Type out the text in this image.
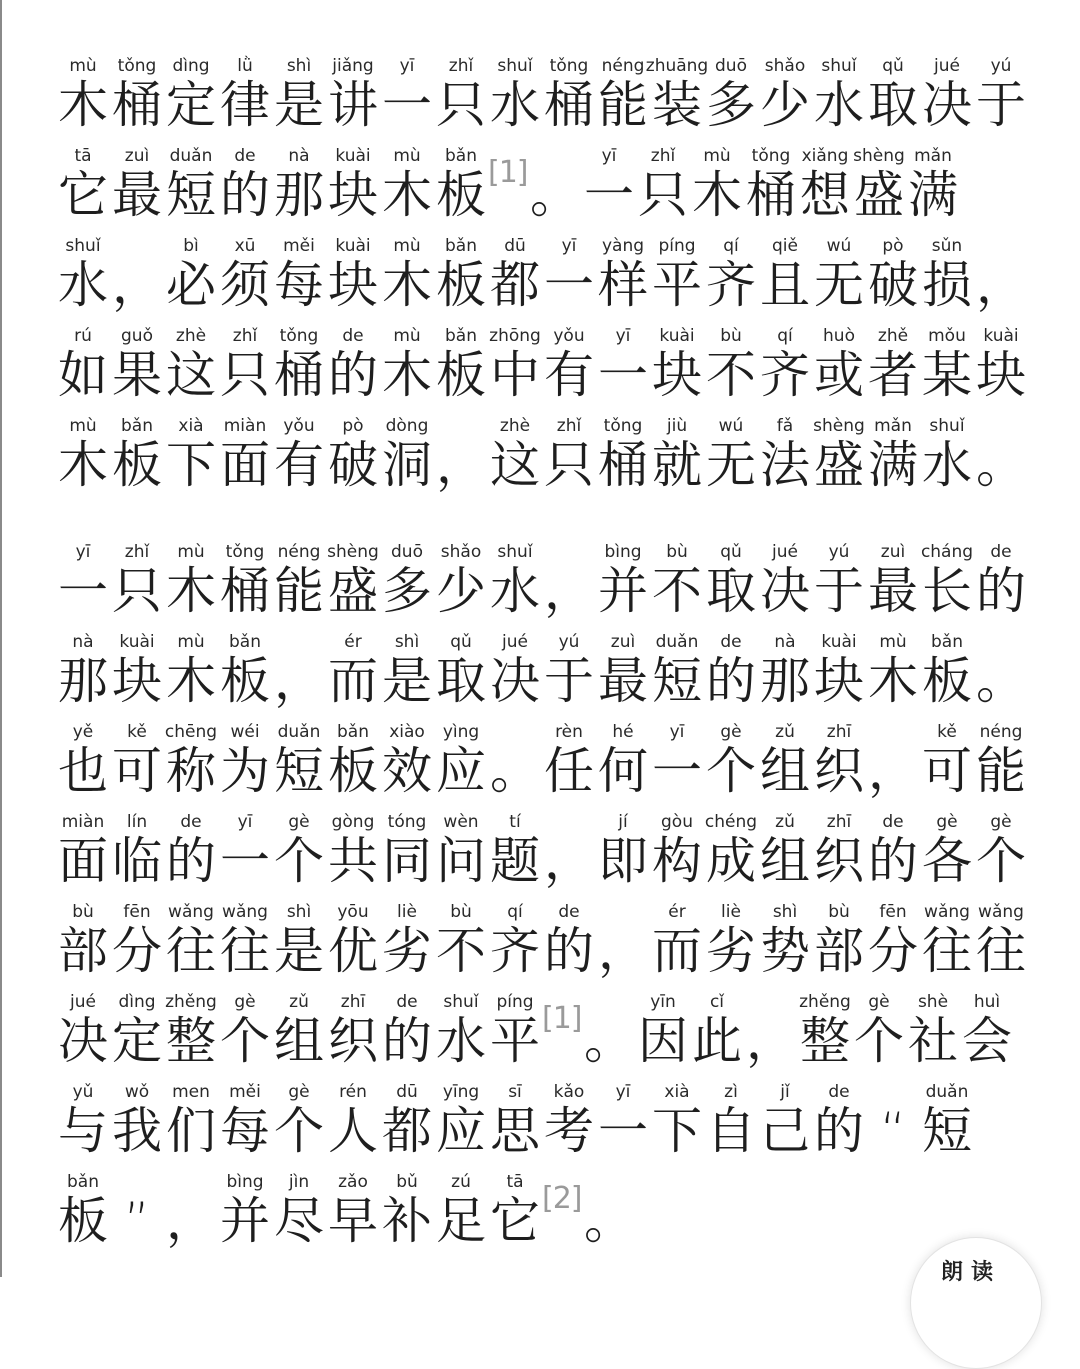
mù
木
tǒng
桶
dìng
定
lǜ
律
shì
是
jiǎng
讲
yī
一
zhǐ
只
shuǐ
水
tǒng
桶
néng
能
zhuāng
装
duō
多
shǎo
少
shuǐ
水
qǔ
取
jué
决
yú
于
tā
它
zuì
最
duǎn
短
de
的
nà
那
kuài
块
mù
木
bǎn
板 [1] 。
yī
一
zhǐ
只
mù
木
tǒng
桶
xiǎng
想
shèng
盛
mǎn
满
shuǐ
水 ，
bì
必
xū
须
měi
每
kuài
块
mù
木
bǎn
板
dū
都
yī
一
yàng
样
píng
平
qí
齐
qiě
且
wú
无
pò
破
sǔn
损 ，
rú
如
guǒ
果
zhè
这
zhǐ
只
tǒng
桶
de
的
mù
木
bǎn
板
zhōng
中
yǒu
有
yī
一
kuài
块
bù
不
qí
齐
huò
或
zhě
者
mǒu
某
kuài
块
mù
木
bǎn
板
xià
下
miàn
面
yǒu
有
pò
破
dòng
洞 ，
zhè
这
zhǐ
只
tǒng
桶
jiù
就
wú
无
fǎ
法
shèng
盛
mǎn
满
shuǐ
水 。
yī
一
zhǐ
只
mù
木
tǒng
桶
néng
能
shèng
盛
duō
多
shǎo
少
shuǐ
水 ，
bìng
并
bù
不
qǔ
取
jué
决
yú
于
zuì
最
cháng
长
de
的
nà
那
kuài
块
mù
木
bǎn
板 ，
ér
而
shì
是
qǔ
取
jué
决
yú
于
zuì
最
duǎn
短
de
的
nà
那
kuài
块
mù
木
bǎn
板 。
yě
也
kě
可
chēng
称
wéi
为
duǎn
短
bǎn
板
xiào
效
yìng
应 。
rèn
任
hé
何
yī
一
gè
个
zǔ
组
zhī
织 ，
kě
可
néng
能
miàn
面
lín
临
de
的
yī
一
gè
个
gòng
共
tóng
同
wèn
问
tí
题 ，
jí
即
gòu
构
chéng
成
zǔ
组
zhī
织
de
的
gè
各
gè
个
bù
部
fēn
分
wǎng
往
wǎng
往
shì
是
yōu
优
liè
劣
bù
不
qí
齐
de
的 ，
ér
而
liè
劣
shì
势
bù
部
fēn
分
wǎng
往
wǎng
往
jué
决
dìng
定
zhěng
整
gè
个
zǔ
组
zhī
织
de
的
shuǐ
水
píng
平 [1] 。
yīn
因
cǐ
此 ，
zhěng
整
gè
个
shè
社
huì
会
yǔ
与
wǒ
我
men
们
měi
每
gè
个
rén
人
dū
都
yīng
应
sī
思
kǎo
考
yī
一
xià
下
zì
自
jǐ
己
de
的 “
duǎn
短
bǎn
板 ” ，
bìng
并
jìn
尽
zǎo
早
bǔ
补
zú
足
tā
它 [2] 。
朗读
